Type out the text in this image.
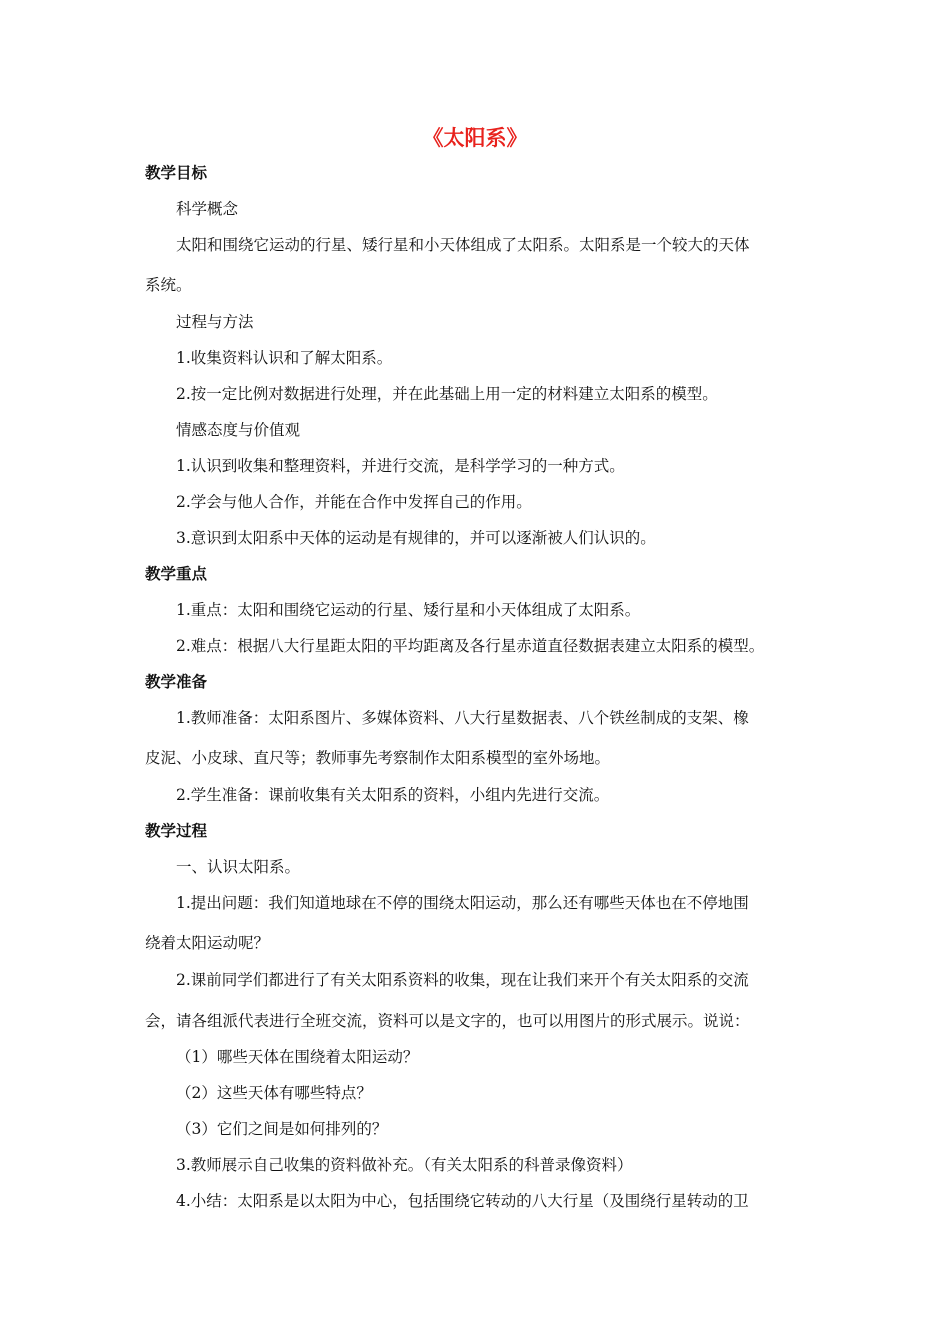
《太阳系》
教学目标
科学概念
太阳和围绕它运动的行星、矮行星和小天体组成了太阳系。太阳系是一个较大的天体
系统。
过程与方法
1.收集资料认识和了解太阳系。
2.按一定比例对数据进行处理，并在此基础上用一定的材料建立太阳系的模型。
情感态度与价值观
1.认识到收集和整理资料，并进行交流，是科学学习的一种方式。
2.学会与他人合作，并能在合作中发挥自己的作用。
3.意识到太阳系中天体的运动是有规律的，并可以逐渐被人们认识的。
教学重点
1.重点：太阳和围绕它运动的行星、矮行星和小天体组成了太阳系。
2.难点：根据八大行星距太阳的平均距离及各行星赤道直径数据表建立太阳系的模型。
教学准备
1.教师准备：太阳系图片、多媒体资料、八大行星数据表、八个铁丝制成的支架、橡
皮泥、小皮球、直尺等；教师事先考察制作太阳系模型的室外场地。
2.学生准备：课前收集有关太阳系的资料，小组内先进行交流。
教学过程
一、认识太阳系。
1.提出问题：我们知道地球在不停的围绕太阳运动，那么还有哪些天体也在不停地围
绕着太阳运动呢？
2.课前同学们都进行了有关太阳系资料的收集，现在让我们来开个有关太阳系的交流
会，请各组派代表进行全班交流，资料可以是文字的，也可以用图片的形式展示。说说：
（1）哪些天体在围绕着太阳运动？
（2）这些天体有哪些特点？
（3）它们之间是如何排列的？
3.教师展示自己收集的资料做补充。（有关太阳系的科普录像资料）
4.小结：太阳系是以太阳为中心，包括围绕它转动的八大行星（及围绕行星转动的卫
